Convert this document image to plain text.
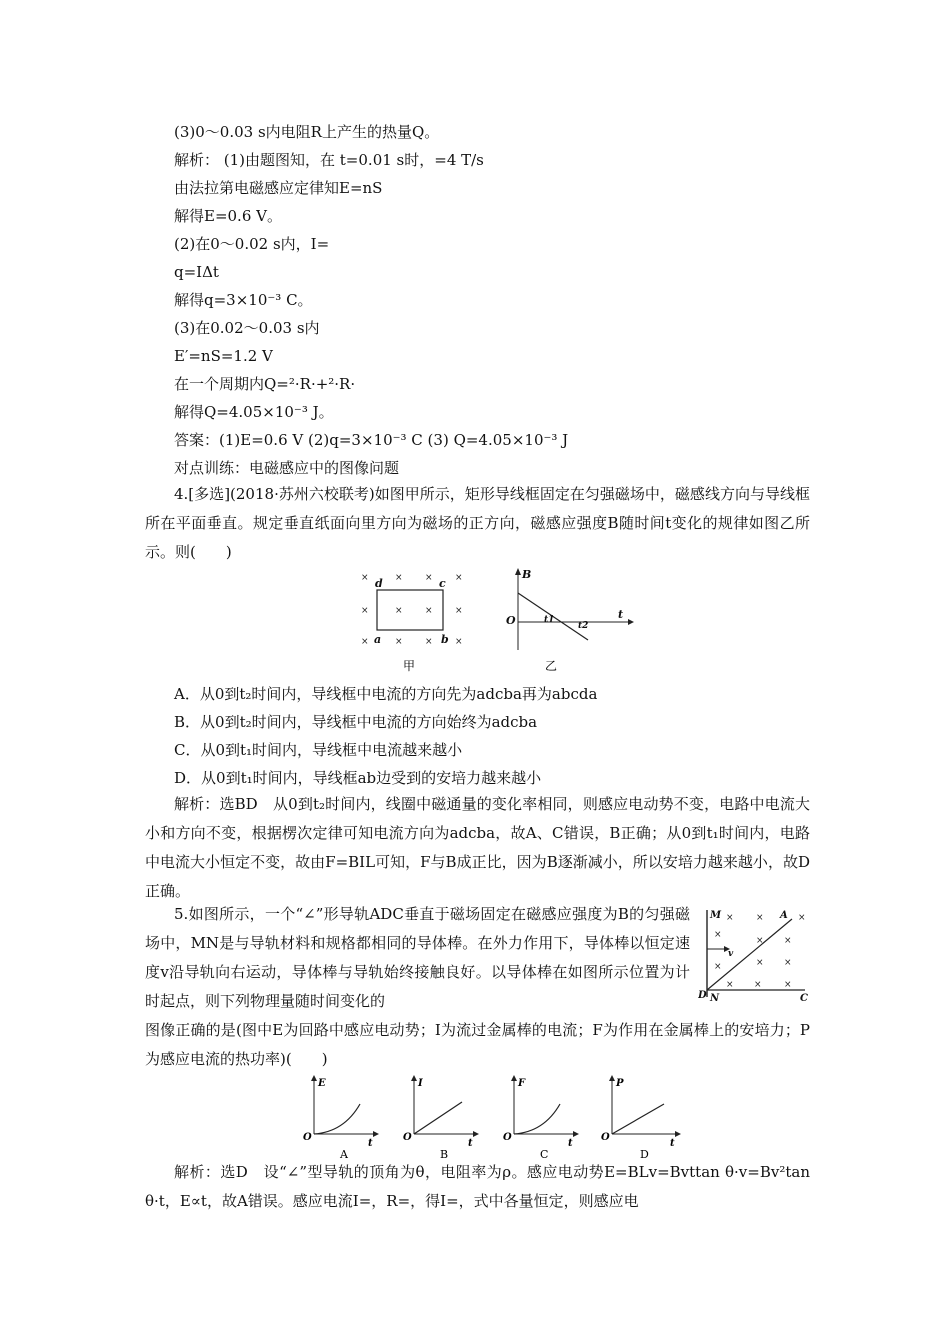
(3)0～0.03 s内电阻R上产生的热量Q。
解析： (1)由题图知，在 t=0.01 s时，=4 T/s
由法拉第电磁感应定律知E=nS
解得E=0.6 V。
(2)在0～0.02 s内，I=
q=IΔt
解得q=3×10⁻³ C。
(3)在0.02～0.03 s内
E′=nS=1.2 V
在一个周期内Q=²·R·+²·R·
解得Q=4.05×10⁻³ J。
答案：(1)E=0.6 V (2)q=3×10⁻³ C (3) Q=4.05×10⁻³ J
对点训练：电磁感应中的图像问题
4.[多选](2018·苏州六校联考)如图甲所示，矩形导线框固定在匀强磁场中，磁感线方向与导线框所在平面垂直。规定垂直纸面向里方向为磁场的正方向，磁感应强度B随时间t变化的规律如图乙所示。则(　　)
×	× × ×
×	× × ×
×	× × ×
d	c
a	b
甲
B
t
O	t1
t2
乙
A．从0到t₂时间内，导线框中电流的方向先为adcba再为abcda
B．从0到t₂时间内，导线框中电流的方向始终为adcba
C．从0到t₁时间内，导线框中电流越来越小
D．从0到t₁时间内，导线框ab边受到的安培力越来越小
解析：选BD　从0到t₂时间内，线圈中磁通量的变化率相同，则感应电动势不变，电路中电流大小和方向不变，根据楞次定律可知电流方向为adcba，故A、C错误，B正确；从0到t₁时间内，电路中电流大小恒定不变，故由F=BIL可知，F与B成正比，因为B逐渐减小，所以安培力越来越小，故D正确。
5.如图所示，一个“∠”形导轨ADC垂直于磁场固定在磁感应强度为B的匀强磁场中，MN是与导轨材料和规格都相同的导体棒。在外力作用下，导体棒以恒定速度v沿导轨向右运动，导体棒与导轨始终接触良好。以导体棒在如图所示位置为计时起点，则下列物理量随时间变化的
× ×	×
×
× ×
× ×
×
× × ×
M	A
D N	C
v
图像正确的是(图中E为回路中感应电动势；I为流过金属棒的电流；F为作用在金属棒上的安培力；P为感应电流的热功率)(　　)
E
t
O
A
I
t
O
B
F
t
O
C
P
t
O
D
解析：选D　设“∠”型导轨的顶角为θ，电阻率为ρ。感应电动势E=BLv=Bvttan θ·v=Bv²tan θ·t，E∝t，故A错误。感应电流I=，R=，得I=，式中各量恒定，则感应电
